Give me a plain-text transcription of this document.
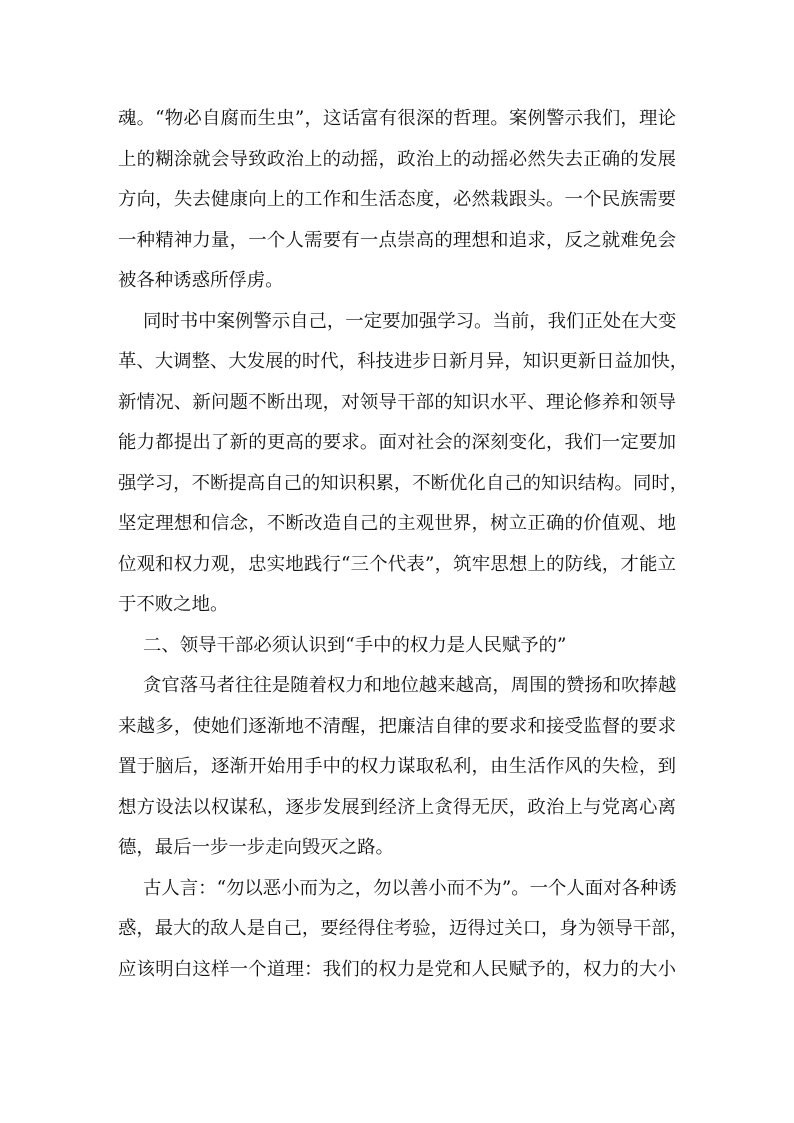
魂。“物必自腐而生虫”，这话富有很深的哲理。案例警示我们，理论
上的糊涂就会导致政治上的动摇，政治上的动摇必然失去正确的发展
方向，失去健康向上的工作和生活态度，必然栽跟头。一个民族需要
一种精神力量，一个人需要有一点崇高的理想和追求，反之就难免会
被各种诱惑所俘虏。
同时书中案例警示自己，一定要加强学习。当前，我们正处在大变
革、大调整、大发展的时代，科技进步日新月异，知识更新日益加快，
新情况、新问题不断出现，对领导干部的知识水平、理论修养和领导
能力都提出了新的更高的要求。面对社会的深刻变化，我们一定要加
强学习，不断提高自己的知识积累，不断优化自己的知识结构。同时，
坚定理想和信念，不断改造自己的主观世界，树立正确的价值观、地
位观和权力观，忠实地践行“三个代表”，筑牢思想上的防线，才能立
于不败之地。
二、领导干部必须认识到“手中的权力是人民赋予的”
贪官落马者往往是随着权力和地位越来越高，周围的赞扬和吹捧越
来越多，使她们逐渐地不清醒，把廉洁自律的要求和接受监督的要求
置于脑后，逐渐开始用手中的权力谋取私利，由生活作风的失检，到
想方设法以权谋私，逐步发展到经济上贪得无厌，政治上与党离心离
德，最后一步一步走向毁灭之路。
古人言：“勿以恶小而为之，勿以善小而不为”。一个人面对各种诱
惑，最大的敌人是自己，要经得住考验，迈得过关口，身为领导干部，
应该明白这样一个道理：我们的权力是党和人民赋予的，权力的大小
